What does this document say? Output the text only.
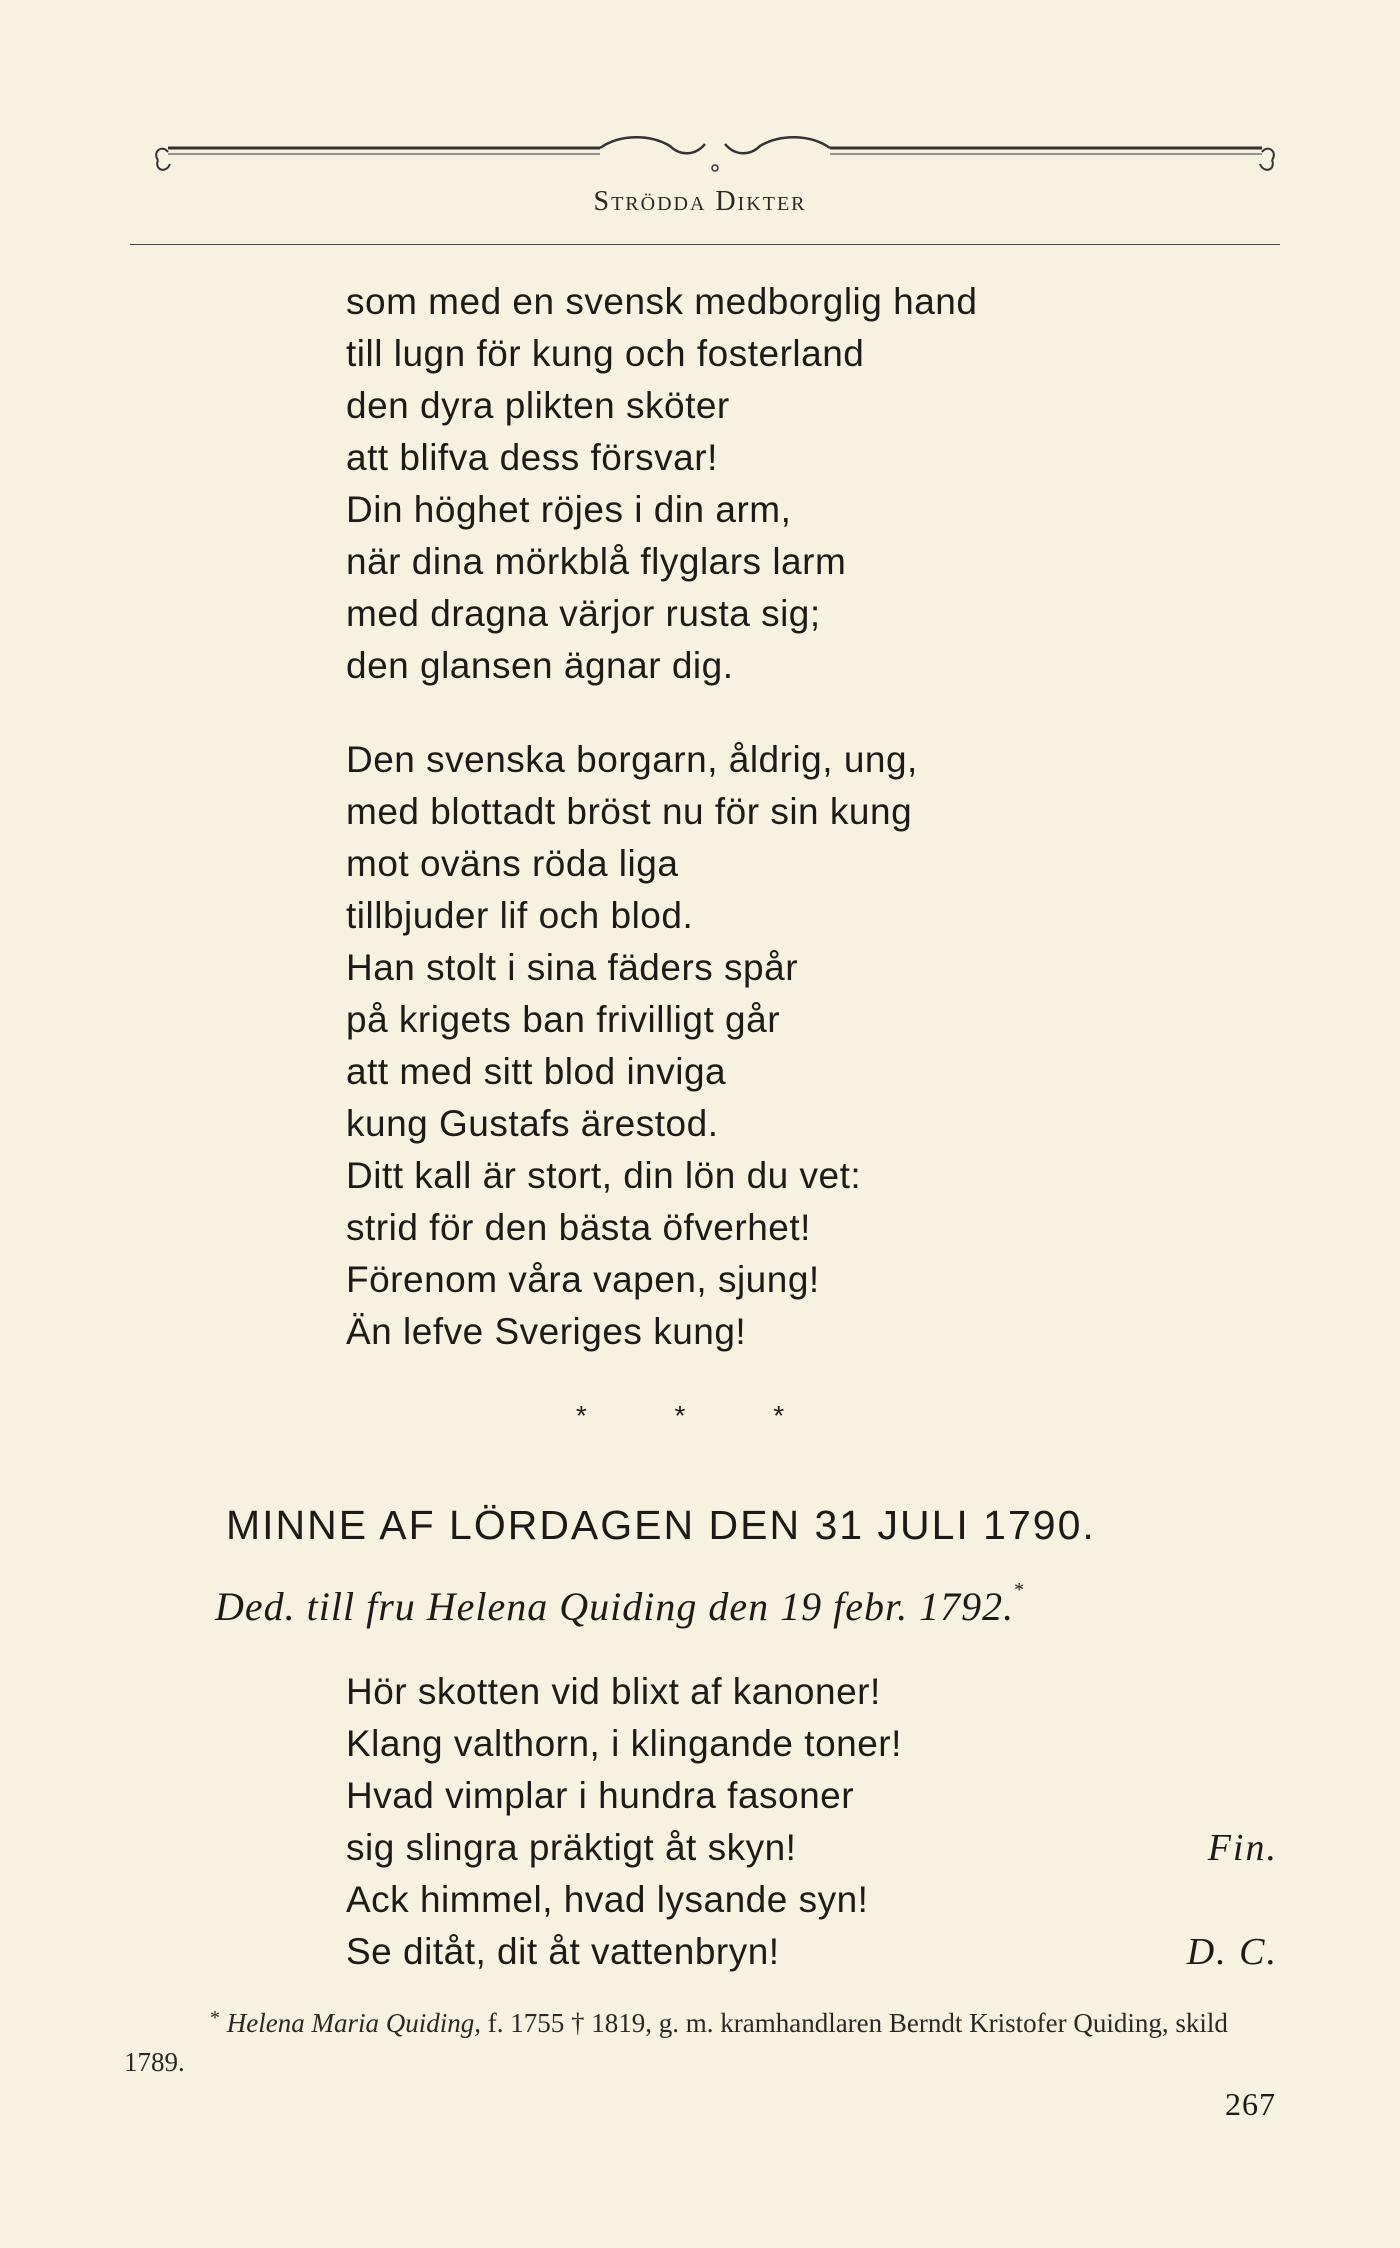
Strödda Dikter
som med en svensk medborglig hand
till lugn för kung och fosterland
den dyra plikten sköter
att blifva dess försvar!
Din höghet röjes i din arm,
när dina mörkblå flyglars larm
med dragna värjor rusta sig;
den glansen ägnar dig.
Den svenska borgarn, åldrig, ung,
med blottadt bröst nu för sin kung
mot oväns röda liga
tillbjuder lif och blod.
Han stolt i sina fäders spår
på krigets ban frivilligt går
att med sitt blod inviga
kung Gustafs ärestod.
Ditt kall är stort, din lön du vet:
strid för den bästa öfverhet!
Förenom våra vapen, sjung!
Än lefve Sveriges kung!
* * *
MINNE AF LÖRDAGEN DEN 31 JULI 1790.
Ded. till fru Helena Quiding den 19 febr. 1792.*
Hör skotten vid blixt af kanoner!
Klang valthorn, i klingande toner!
Hvad vimplar i hundra fasoner
sig slingra präktigt åt skyn!
Ack himmel, hvad lysande syn!
Se ditåt, dit åt vattenbryn!
Fin.
D. C.
* Helena Maria Quiding, f. 1755 † 1819, g. m. kramhandlaren Berndt Kristofer Quiding, skild 1789.
267
